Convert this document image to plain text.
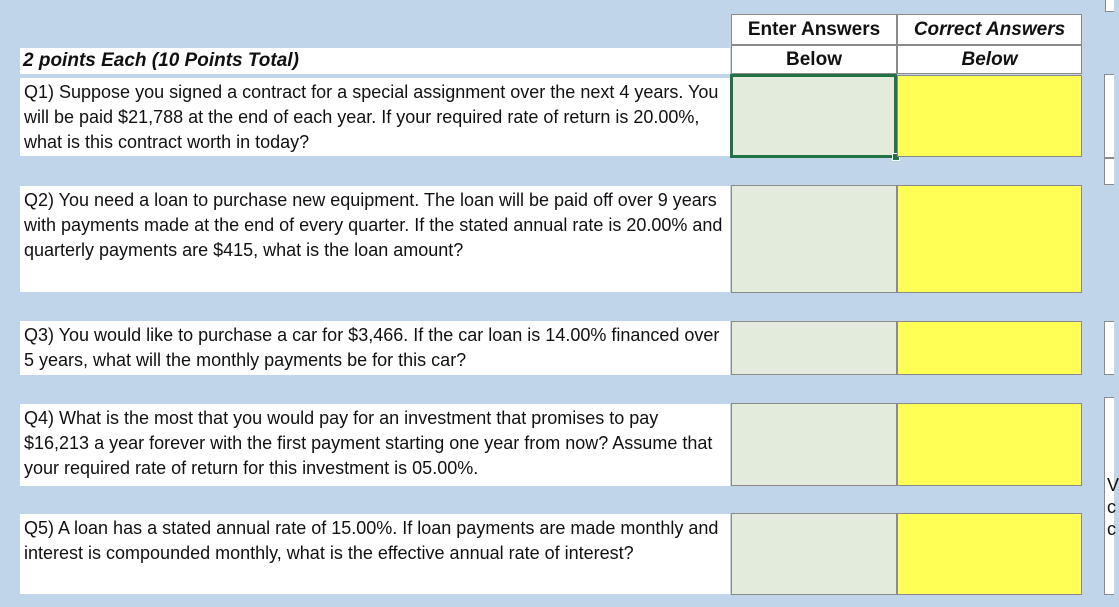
Enter Answers
Below
Correct Answers
Below
2 points Each (10 Points Total)
Q1) Suppose you signed a contract for a special assignment over the next 4 years. You will be paid $21,788 at the end of each year. If your required rate of return is 20.00%, what is this contract worth in today?
Q2) You need a loan to purchase new equipment. The loan will be paid off over 9 years with payments made at the end of every quarter. If the stated annual rate is 20.00% and quarterly payments are $415, what is the loan amount?
Q3) You would like to purchase a car for $3,466. If the car loan is 14.00% financed over 5 years, what will the monthly payments be for this car?
Q4) What is the most that you would pay for an investment that promises to pay $16,213 a year forever with the first payment starting one year from now? Assume that your required rate of return for this investment is 05.00%.
Q5) A loan has a stated annual rate of 15.00%. If loan payments are made monthly and interest is compounded monthly, what is the effective annual rate of interest?
V
c
c
